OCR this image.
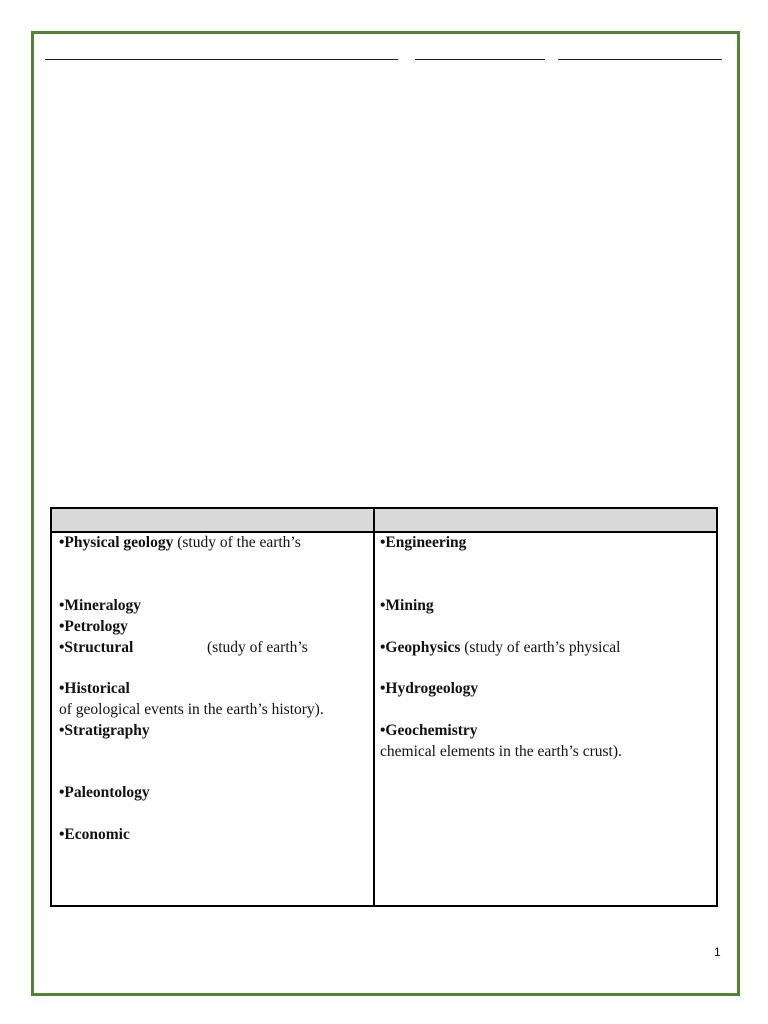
•Physical geology (study of the earth’s
•Mineralogy
•Petrology
•Structural	(study of earth’s
•Historical
of geological events in the earth’s history).
•Stratigraphy
•Paleontology
•Economic
•Engineering
•Mining
•Geophysics (study of earth’s physical
•Hydrogeology
•Geochemistry
chemical elements in the earth’s crust).
1
